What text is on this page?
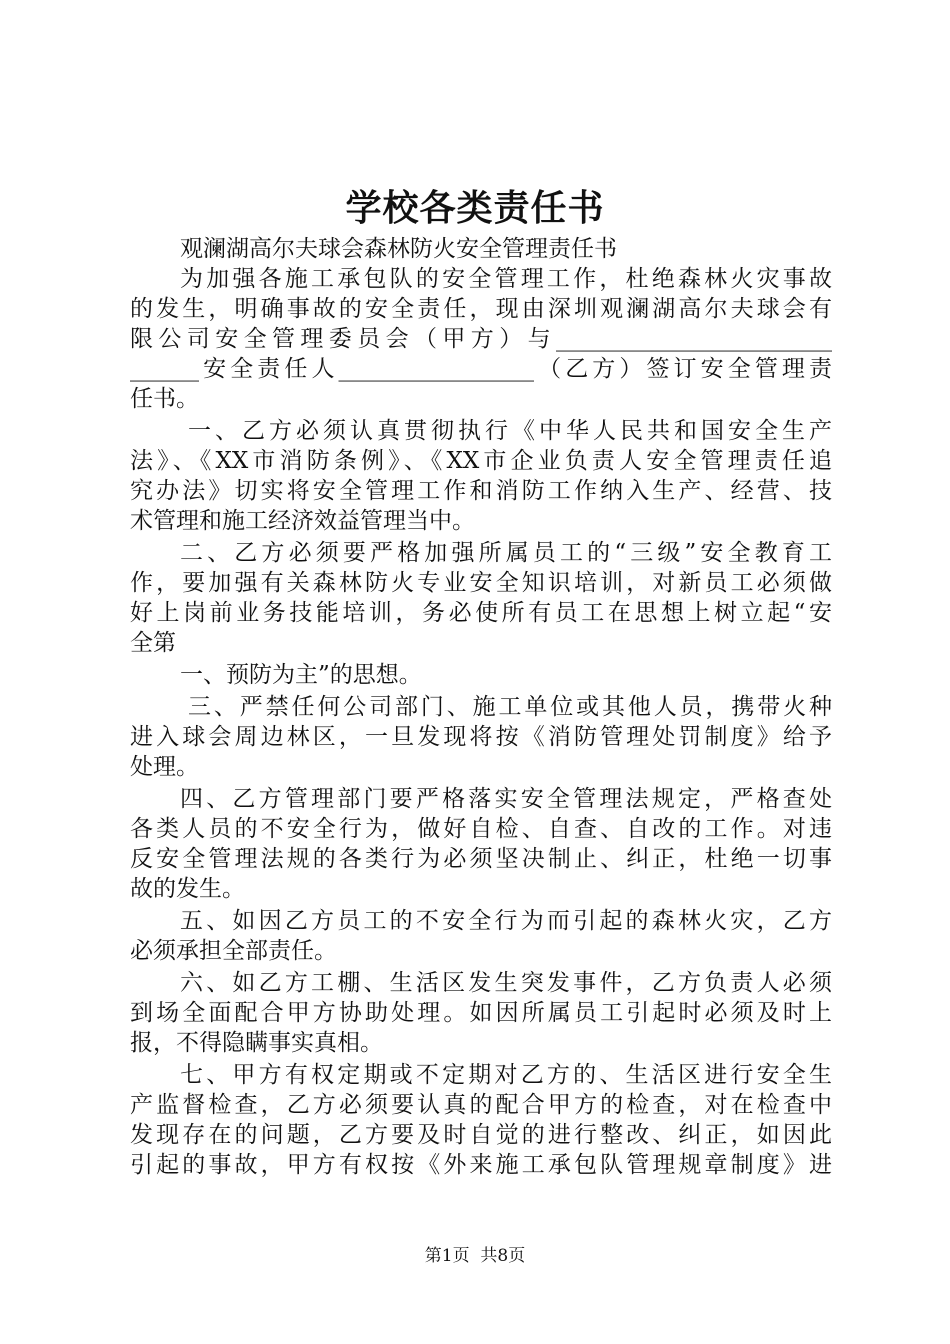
学校各类责任书
观澜湖高尔夫球会森林防火安全管理责任书
为加强各施工承包队的安全管理工作，杜绝森林火灾事故
的发生，明确事故的安全责任，现由深圳观澜湖高尔夫球会有
限公司安全管理委员会（甲方）与________________________
______安全责任人_________________（乙方）签订安全管理责
任书。
一、乙方必须认真贯彻执行《中华人民共和国安全生产
法》、《XX市消防条例》、《XX市企业负责人安全管理责任追
究办法》切实将安全管理工作和消防工作纳入生产、经营、技
术管理和施工经济效益管理当中。
二、乙方必须要严格加强所属员工的“三级”安全教育工
作，要加强有关森林防火专业安全知识培训，对新员工必须做
好上岗前业务技能培训，务必使所有员工在思想上树立起“安
全第
一、预防为主”的思想。
三、严禁任何公司部门、施工单位或其他人员，携带火种
进入球会周边林区，一旦发现将按《消防管理处罚制度》给予
处理。
四、乙方管理部门要严格落实安全管理法规定，严格查处
各类人员的不安全行为，做好自检、自查、自改的工作。对违
反安全管理法规的各类行为必须坚决制止、纠正，杜绝一切事
故的发生。
五、如因乙方员工的不安全行为而引起的森林火灾，乙方
必须承担全部责任。
六、如乙方工棚、生活区发生突发事件，乙方负责人必须
到场全面配合甲方协助处理。如因所属员工引起时必须及时上
报，不得隐瞒事实真相。
七、甲方有权定期或不定期对乙方的、生活区进行安全生
产监督检查，乙方必须要认真的配合甲方的检查，对在检查中
发现存在的问题，乙方要及时自觉的进行整改、纠正，如因此
引起的事故，甲方有权按《外来施工承包队管理规章制度》进
第1页 共8页
